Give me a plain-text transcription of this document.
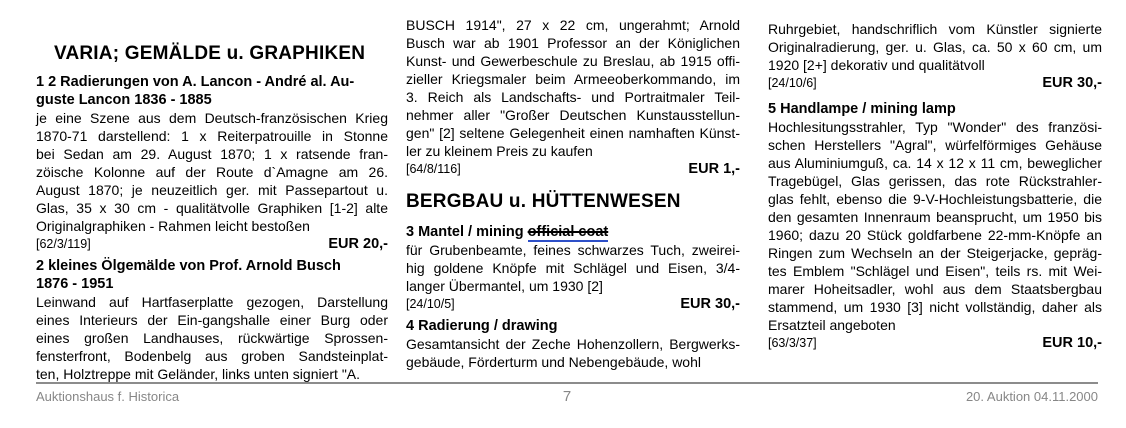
VARIA; GEMÄLDE u. GRAPHIKEN
1 2 Radierungen von A. Lancon - André al. Au-
guste Lancon 1836 - 1885

je eine Szene aus dem Deutsch-französischen Krieg
1870-71 darstellend: 1 x Reiterpatrouille in Stonne
bei Sedan am 29. August 1870; 1 x ratsende fran-
zöische Kolonne auf der Route d`Amagne am 26.
August 1870; je neuzeitlich ger. mit Passepartout u.
Glas, 35 x 30 cm - qualitätvolle Graphiken [1-2] alte
Originalgraphiken - Rahmen leicht bestoßen

[62/3/119]	EUR 20,-
2 kleines Ölgemälde von Prof. Arnold Busch
1876 - 1951

Leinwand auf Hartfaserplatte gezogen, Darstellung
eines Interieurs der Ein-gangshalle einer Burg oder
eines großen Landhauses, rückwärtige Sprossen-
fensterfront, Bodenbelg aus groben Sandsteinplat-
ten, Holztreppe mit Geländer, links unten signiert "A.

BUSCH 1914", 27 x 22 cm, ungerahmt; Arnold
Busch war ab 1901 Professor an der Königlichen
Kunst- und Gewerbeschule zu Breslau, ab 1915 offi-
zieller Kriegsmaler beim Armeeoberkommando, im
3. Reich als Landschafts- und Portraitmaler Teil-
nehmer aller "Großer Deutschen Kunstausstellun-
gen" [2] seltene Gelegenheit einen namhaften Künst-
ler zu kleinem Preis zu kaufen

[64/8/116]	EUR 1,-
BERGBAU u. HÜTTENWESEN
3 Mantel / mining official coat

für Grubenbeamte, feines schwarzes Tuch, zweirei-
hig goldene Knöpfe mit Schlägel und Eisen, 3/4-
langer Übermantel, um 1930 [2]

[24/10/5]	EUR 30,-
4 Radierung / drawing

Gesamtansicht der Zeche Hohenzollern, Bergwerks-
gebäude, Förderturm und Nebengebäude, wohl

Ruhrgebiet, handschriflich vom Künstler signierte
Originalradierung, ger. u. Glas, ca. 50 x 60 cm, um
1920 [2+] dekorativ und qualitätvoll

[24/10/6]	EUR 30,-
5 Handlampe / mining lamp

Hochlesitungsstrahler, Typ "Wonder" des französi-
schen Herstellers "Agral", würfelförmiges Gehäuse
aus Aluminiumguß, ca. 14 x 12 x 11 cm, beweglicher
Tragebügel, Glas gerissen, das rote Rückstrahler-
glas fehlt, ebenso die 9-V-Hochleistungsbatterie, die
den gesamten Innenraum beansprucht, um 1950 bis
1960; dazu 20 Stück goldfarbene 22-mm-Knöpfe an
Ringen zum Wechseln an der Steigerjacke, gepräg-
tes Emblem "Schlägel und Eisen", teils rs. mit Wei-
marer Hoheitsadler, wohl aus dem Staatsbergbau
stammend, um 1930 [3] nicht vollständig, daher als
Ersatzteil angeboten

[63/3/37]	EUR 10,-
Auktionshaus f. Historica	7	20. Auktion 04.11.2000
